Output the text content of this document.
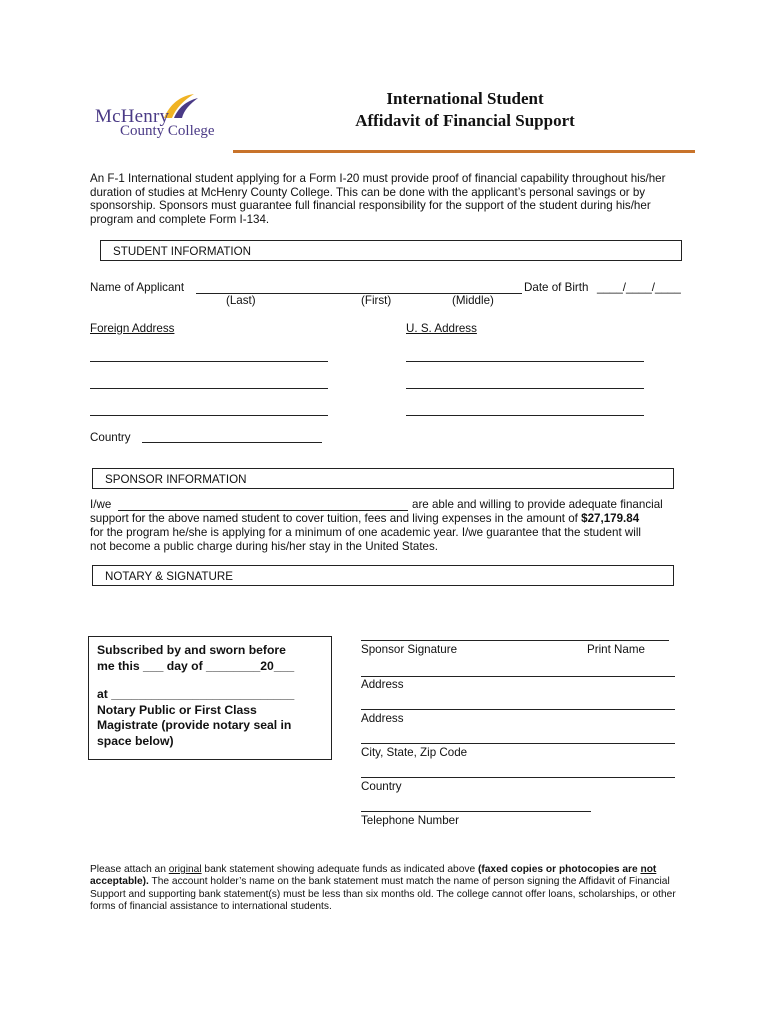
McHenry
County College
International Student
Affidavit of Financial Support
An F-1 International student applying for a Form I-20 must provide proof of financial capability throughout his/her duration of studies at McHenry County College. This can be done with the applicant’s personal savings or by sponsorship. Sponsors must guarantee full financial responsibility for the support of the student during his/her program and complete Form I-134.
STUDENT INFORMATION
Name of Applicant	Date of Birth ____/____/____
(Last)	(First)	(Middle)
Foreign Address	U. S. Address
Country
SPONSOR INFORMATION
I/we	are able and willing to provide adequate financial
support for the above named student to cover tuition, fees and living expenses in the amount of $27,179.84
for the program he/she is applying for a minimum of one academic year. I/we guarantee that the student will
not become a public charge during his/her stay in the United States.
NOTARY & SIGNATURE
Subscribed by and sworn before
me this ___ day of ________20___
at ___________________________
Notary Public or First Class
Magistrate (provide notary seal in
space below)
Sponsor Signature	Print Name
Address
Address
City, State, Zip Code
Country
Telephone Number
Please attach an original bank statement showing adequate funds as indicated above (faxed copies or photocopies are not acceptable). The account holder’s name on the bank statement must match the name of person signing the Affidavit of Financial Support and supporting bank statement(s) must be less than six months old. The college cannot offer loans, scholarships, or other forms of financial assistance to international students.
